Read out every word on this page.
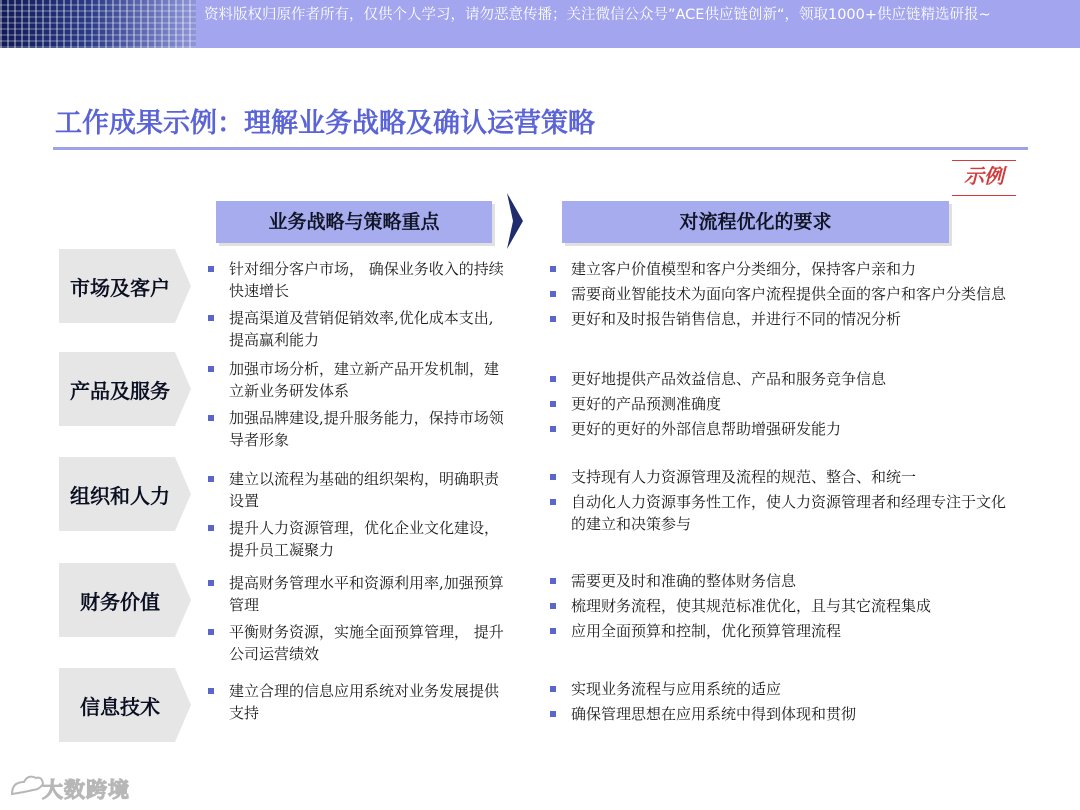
资料版权归原作者所有，仅供个人学习，请勿恶意传播；关注微信公众号”ACE供应链创新“，领取1000+供应链精选研报~
工作成果示例：理解业务战略及确认运营策略
示例
业务战略与策略重点	对流程优化的要求
市场及客户
针对细分客户市场， 确保业务收入的持续快速增长
提高渠道及营销促销效率,优化成本支出,提高赢利能力
建立客户价值模型和客户分类细分，保持客户亲和力
需要商业智能技术为面向客户流程提供全面的客户和客户分类信息
更好和及时报告销售信息，并进行不同的情况分析
产品及服务
加强市场分析，建立新产品开发机制，建立新业务研发体系
加强品牌建设,提升服务能力，保持市场领导者形象
更好地提供产品效益信息、产品和服务竞争信息
更好的产品预测准确度
更好的更好的外部信息帮助增强研发能力
组织和人力
建立以流程为基础的组织架构，明确职责设置
提升人力资源管理，优化企业文化建设， 提升员工凝聚力
支持现有人力资源管理及流程的规范、整合、和统一
自动化人力资源事务性工作，使人力资源管理者和经理专注于文化的建立和决策参与
财务价值
提高财务管理水平和资源利用率,加强预算管理
平衡财务资源，实施全面预算管理， 提升公司运营绩效
需要更及时和准确的整体财务信息
梳理财务流程，使其规范标准优化，且与其它流程集成
应用全面预算和控制，优化预算管理流程
信息技术
建立合理的信息应用系统对业务发展提供支持
实现业务流程与应用系统的适应
确保管理思想在应用系统中得到体现和贯彻
大数跨境
